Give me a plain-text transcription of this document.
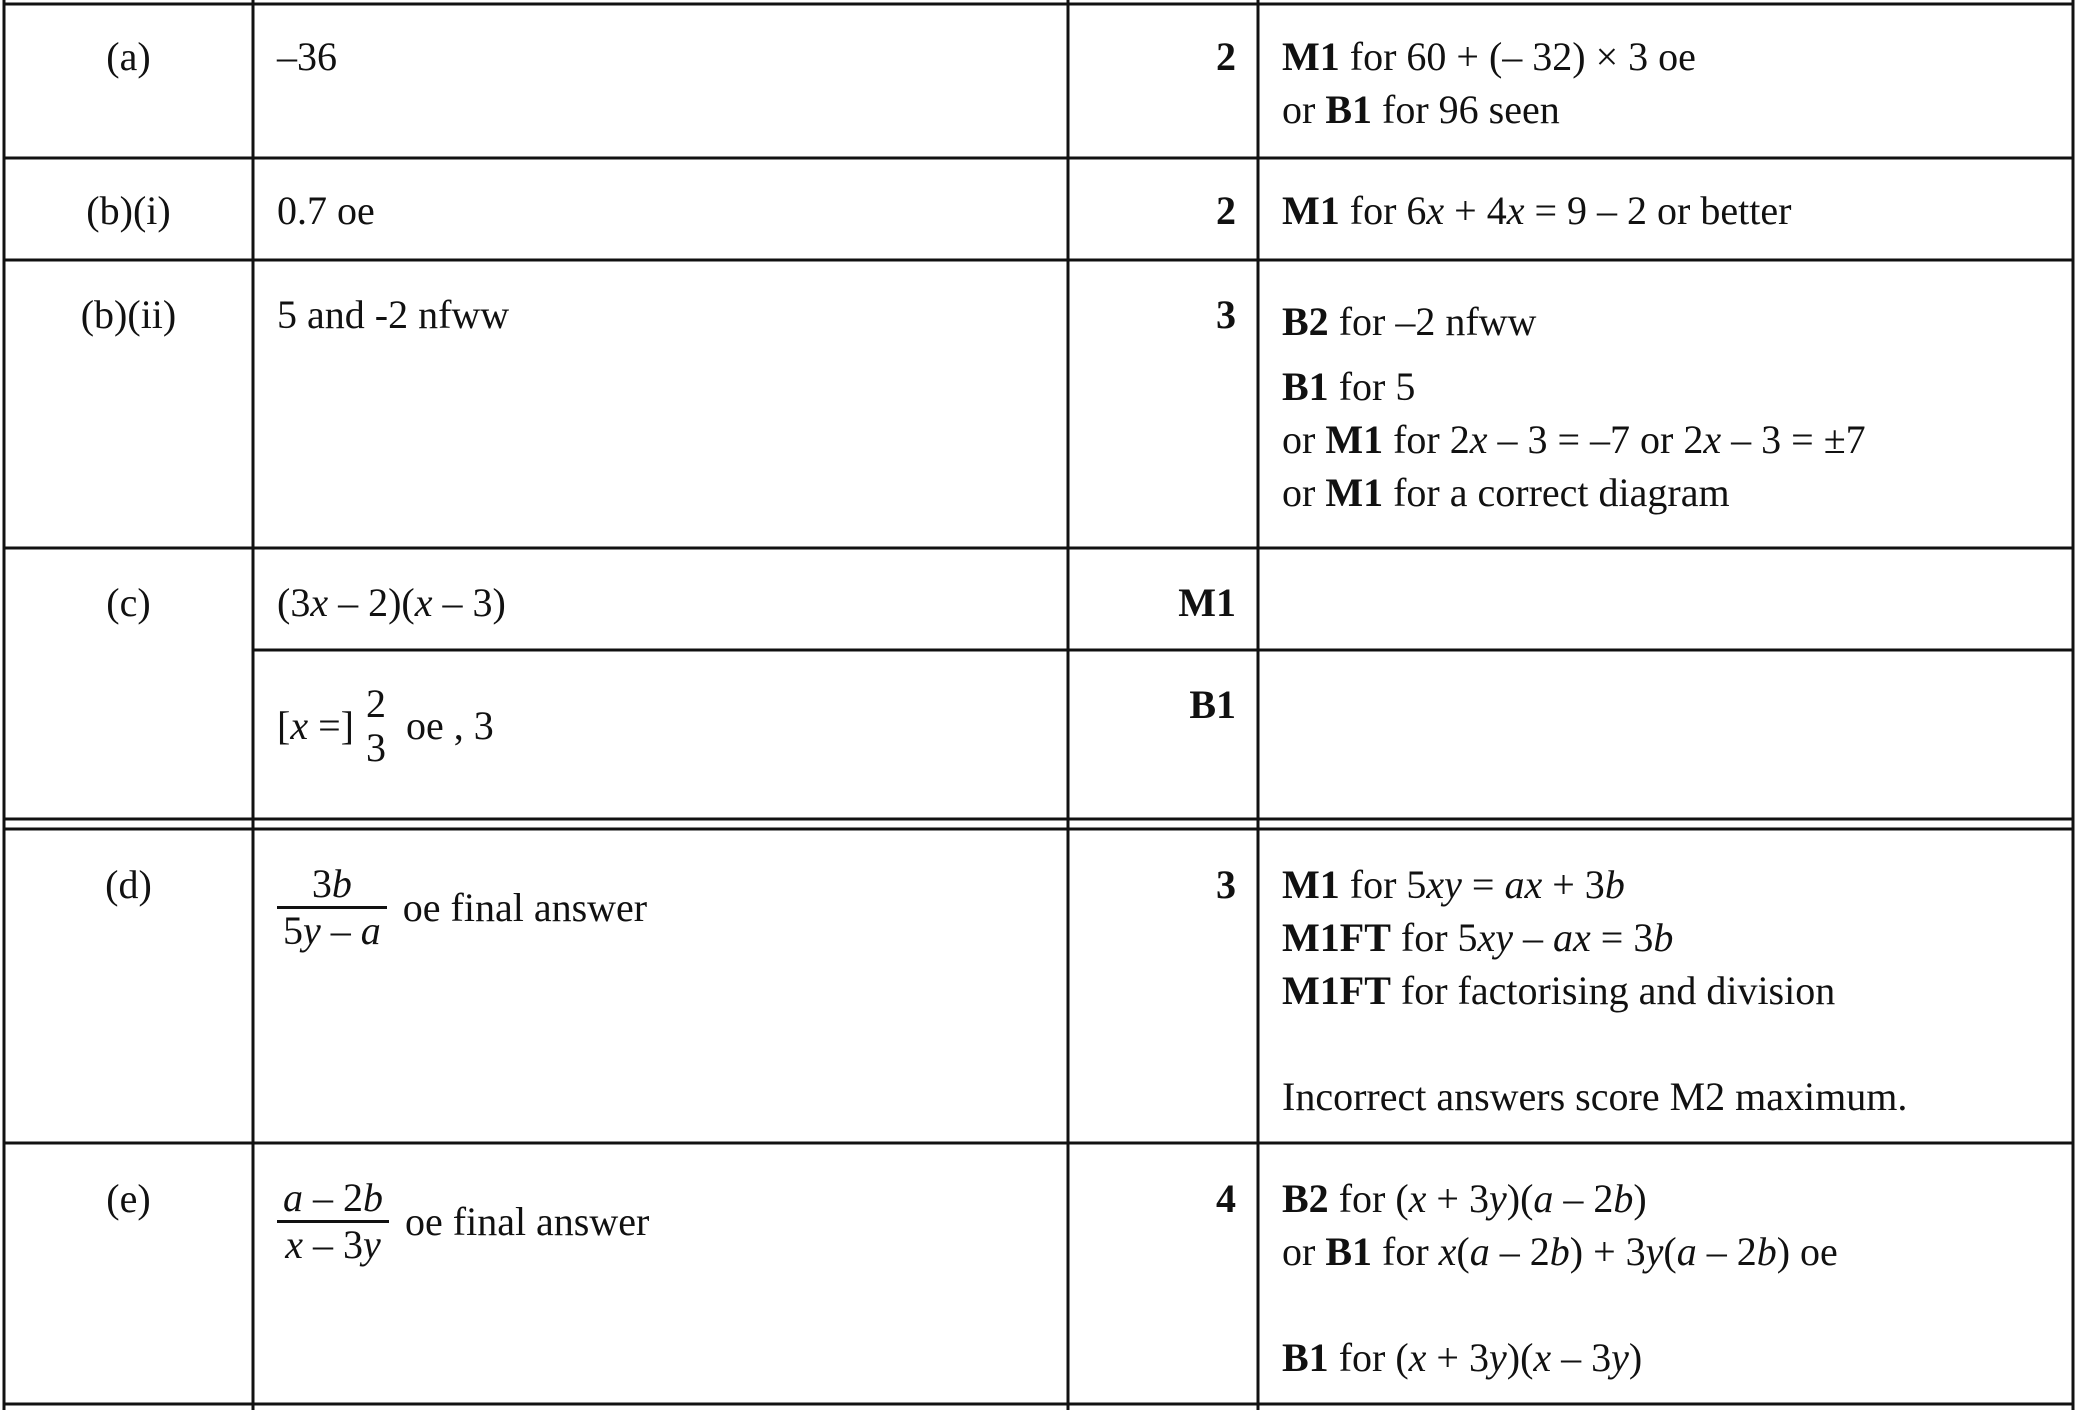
(a)	–36	2 M1 for 60 + (– 32) × 3 oe
or B1 for 96 seen
(b)(i)	0.7 oe	2 M1 for 6x + 4x = 9 – 2 or better
(b)(ii)	5 and -2 nfww	3 B2 for –2 nfww
B1 for 5
or M1 for 2x – 3 = –7 or 2x – 3 = ±7
or M1 for a correct diagram
(c)	(3x – 2)(x – 3)	M1
[x =] 2
3 oe , 3	B1
(d)	$\frac{3b}{5y - a}$ oe final answer	3 M1 for 5xy = ax + 3b
M1FT for 5xy – ax = 3b
M1FT for factorising and division
Incorrect answers score M2 maximum.
(e)	$\frac{a - 2b}{x - 3y}$ oe final answer	4 B2 for (x + 3y)(a – 2b)
or B1 for x(a – 2b) + 3y(a – 2b) oe
B1 for (x + 3y)(x – 3y)
